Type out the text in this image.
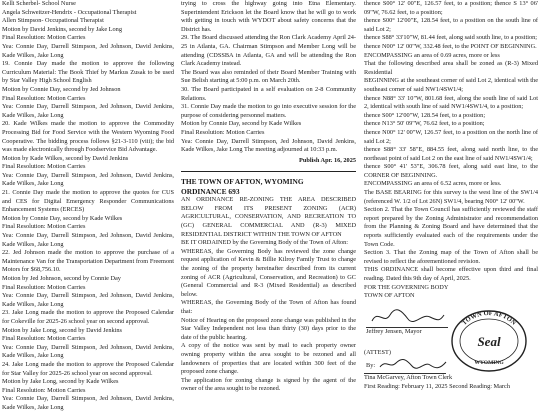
Kelli Scherbel- School Nurse

Angela Schweitzer-Hendrix - Occupational Therapist

Allen Stimpson- Occupational Therapist

Motion by David Jenkins, second by Jake Long

Final Resolution: Motion Carries

Yea: Connie Day, Darrell Stimpson, Jed Johnson, David Jenkins, Kade Wilkes, Jake Long

19. Connie Day made the motion to approve the following Curriculum Material: The Book Thief by Markus Zusak to be used by Star Valley High School English

Motion by Connie Day, second by Jed Johnson

Final Resolution: Motion Carries

Yea: Connie Day, Darrell Stimpson, Jed Johnson, David Jenkins, Kade Wilkes, Jake Long

20. Kade Wilkes made the motion to approve the Commodity Processing Bid for Food Service with the Western Wyoming Food Cooperative. The bidding process follows §21-3-110 (viii); the bid was made electronically through Foodservice Bid Advantage.

Motion by Kade Wilkes, second by David Jenkins

Final Resolution: Motion Carries

Yea: Connie Day, Darrell Stimpson, Jed Johnson, David Jenkins, Kade Wilkes, Jake Long

21. Connie Day made the motion to approve the quotes for CUS and CES for Digital Emergency Responder Communications Enhancement Systems (ERCES)

Motion by Connie Day, second by Kade Wilkes

Final Resolution: Motion Carries

Yea: Connie Day, Darrell Stimpson, Jed Johnson, David Jenkins, Kade Wilkes, Jake Long

22. Jed Johnson made the motion to approve the purchase of a Maintenance Van for the Transportation Department from Freemont Motors for $68,756.10.

Motion by Jed Johnson, second by Connie Day

Final Resolution: Motion Carries

Yea: Connie Day, Darrell Stimpson, Jed Johnson, David Jenkins, Kade Wilkes, Jake Long

23. Jake Long made the motion to approve the Proposed Calendar for Cokeville for 2025-26 school year on second approval.

Motion by Jake Long, second by David Jenkins

Final Resolution: Motion Carries

Yea: Connie Day, Darrell Stimpson, Jed Johnson, David Jenkins, Kade Wilkes, Jake Long

24. Jake Long made the motion to approve the Proposed Calendar for Star Valley for 2025-26 school year on second approval.

Motion by Jake Long, second by Kade Wilkes

Final Resolution: Motion Carries

Yea: Connie Day, Darrell Stimpson, Jed Johnson, David Jenkins, Kade Wilkes, Jake Long

trying to cross the highway going into Etna Elementary. Superintendent Erickson let the Board know that he will go to work with getting in touch with WYDOT about safety concerns that the District has.

29. The Board discussed attending the Ron Clark Academy April 24- 25 in Atlanta, GA. Chairman Stimpson and Member Long will be attending (CDSSBA in Atlanta, GA and will be attending the Ron Clark Academy instead.

The Board was also reminded of their Board Member Training with Sue Belish starting at 5:00 p.m. on March 20th.

30. The Board participated in a self evaluation on 2-8 Community Relations.

31. Connie Day made the motion to go into executive session for the purpose of considering personnel matters.

Motion by Connie Day, second by Kade Wilkes

Final Resolution: Motion Carries

Yea: Connie Day, Darrell Stimpson, Jed Johnson, David Jenkins, Kade Wilkes, Jake Long The meeting adjourned at 10:33 p.m.

Publish Apr. 16, 2025

THE TOWN OF AFTON, WYOMING

ORDINANCE 693

AN ORDINANCE RE-ZONING THE AREA DESCRIBED BELOW FROM ITS PRESENT ZONING (ACR) AGRICULTURAL, CONSERVATION, AND RECREATION TO (GC) GENERAL COMMERCIAL AND (R-3) MIXED RESIDENTIAL DISTRICT WITHIN THE TOWN OF AFTON

BE IT ORDAINED by the Governing Body of the Town of Afton:

WHEREAS, the Governing Body has reviewed the zone change request application of Kevin & Billie Kilroy Family Trust to change the zoning of the property hereinafter described from its current zoning of ACR (Agricultural, Conservation, and Recreation) to GC (General Commercial and R-3 (Mixed Residential) as described below.

WHEREAS, the Governing Body of the Town of Afton has found that:

Notice of Hearing on the proposed zone change was published in the Star Valley Independent not less than thirty (30) days prior to the date of the public hearing.

A copy of the notice was sent by mail to each property owner owning property within the area sought to be rezoned and all landowners of properties that are located within 300 feet of the proposed zone change.

The application for zoning change is signed by the agent of the owner of the area sought to be rezoned.

thence S00° 12' 00"E, 126.57 feet, to a position; thence S 13° 06' 09"W, 76.62 feet, to a position;

thence S00° 12'00"E, 128.54 feet, to a position on the south line of said Lot 2;

thence S88° 33'10"W, 81.44 feet, along said south line, to a position;

thence N00° 12' 00"W, 332.48 feet, to the POINT OF BEGINNING.

ENCOMPASSING an area of 0.69 acres, more or less

That the following described area shall be zoned as (R-3) Mixed Residential

BEGINNING at the southeast corner of said Lot 2, identical with the southeast corner of said NW1/4SW1/4;

thence N88° 33' 10"W, 801.68 feet, along the south line of said Lot 2, identical with south line of said NW1/4SW1/4, to a position;

thence S00° 12'00"W, 128.54 feet, to a position;

thence N13° 50' 09"W, 76.62 feet, to a position;

thence N00° 12' 00"W, 126.57 feet, to a position on the north line of said Lot 2;

thence S88° 33' 58"E, 884.55 feet, along said north line, to the northeast point of said Lot 2 on the east line of said NW1/4SW1/4;

thence S00° 41' 53"E, 306.78 feet, along said east line, to the CORNER OF BEGINNING.

ENCOMPASSING an area of 6.52 acres, more or less.

The BASE BEARING for this survey is the west line of the SW1/4 (referenced W. 1/2 of Lot 26N) SW1/4, bearing N00° 12' 00"W.

Section 2. That the Town Council has sufficiently reviewed the staff report prepared by the Zoning Administrator and recommendation from the Planning & Zoning Board and have determined that the reports sufficiently evaluated each of the requirements under the Town Code.

Section 3. That the Zoning map of the Town of Afton shall be revised to reflect the aforementioned revision.

THIS ORDINANCE shall become effective upon third and final reading. Dated this 9th day of April, 2025.

FOR THE GOVERNING BODY

TOWN OF AFTON

Jeffrey Jensen, Mayor

TOWN OF AFTON
Seal
WYOMING

(ATTEST)

By:

Tina McGarvey, Afton Town Clerk

First Reading: February 11, 2025 Second Reading: March
